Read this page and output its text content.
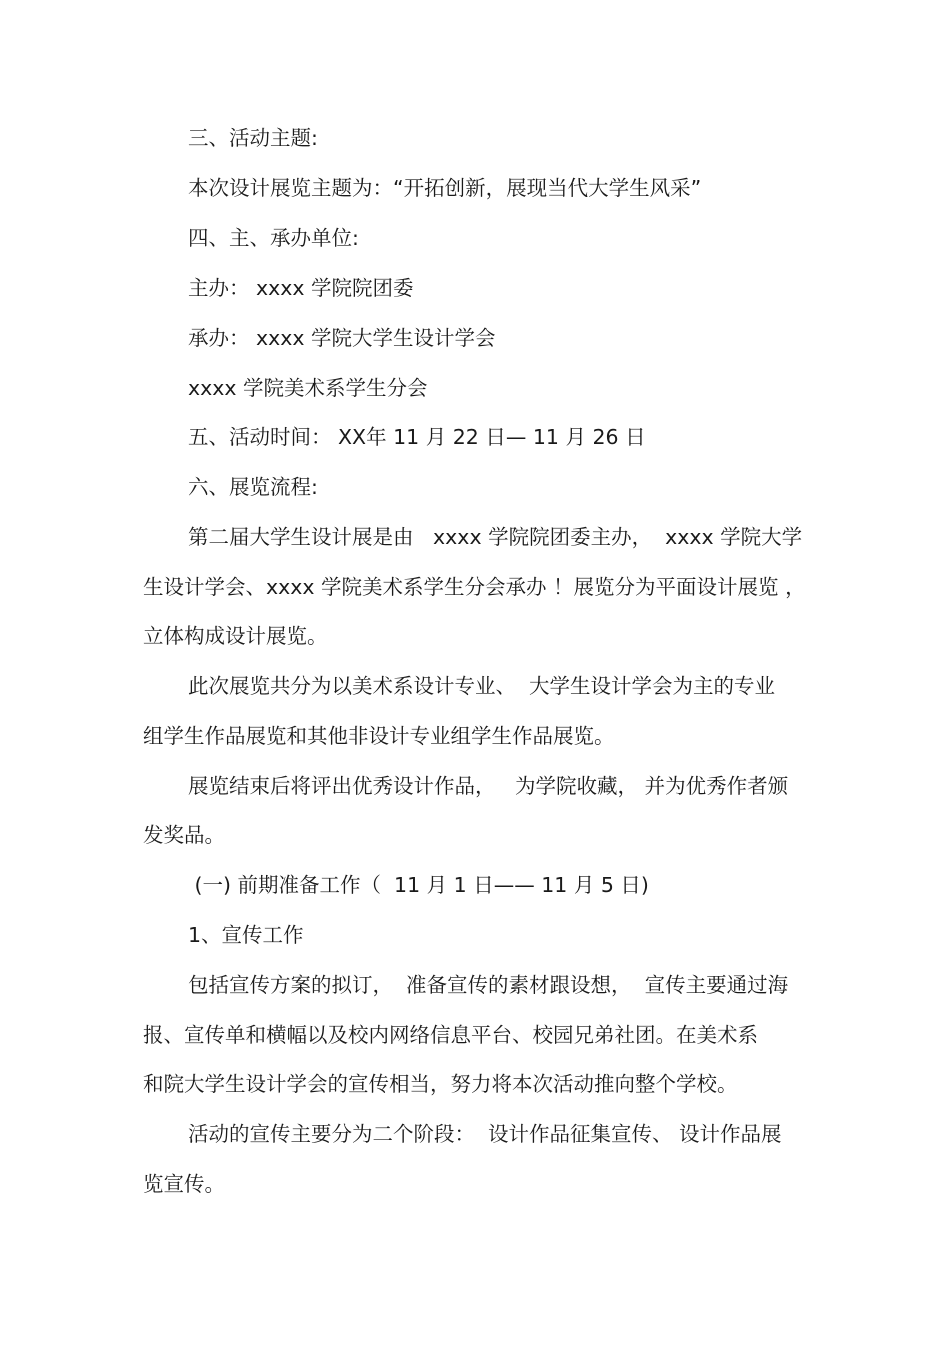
三、活动主题:

本次设计展览主题为：“开拓创新，展现当代大学生风采”

四、主、承办单位:

主办： xxxx 学院院团委

承办： xxxx 学院大学生设计学会

xxxx 学院美术系学生分会

五、活动时间： XX年 11 月 22 日— 11 月 26 日

六、展览流程:

第二届大学生设计展是由   xxxx 学院院团委主办，  xxxx 学院大学

生设计学会、xxxx 学院美术系学生分会承办 ！展览分为平面设计展览 ，

立体构成设计展览。

此次展览共分为以美术系设计专业、  大学生设计学会为主的专业

组学生作品展览和其他非设计专业组学生作品展览。

展览结束后将评出优秀设计作品，   为学院收藏， 并为优秀作者颁

发奖品。

(一) 前期准备工作（  11 月 1 日—— 11 月 5 日)

1、宣传工作

包括宣传方案的拟订，  准备宣传的素材跟设想，  宣传主要通过海

报、宣传单和横幅以及校内网络信息平台、校园兄弟社团。在美术系

和院大学生设计学会的宣传相当，努力将本次活动推向整个学校。

活动的宣传主要分为二个阶段：  设计作品征集宣传、 设计作品展

览宣传。
